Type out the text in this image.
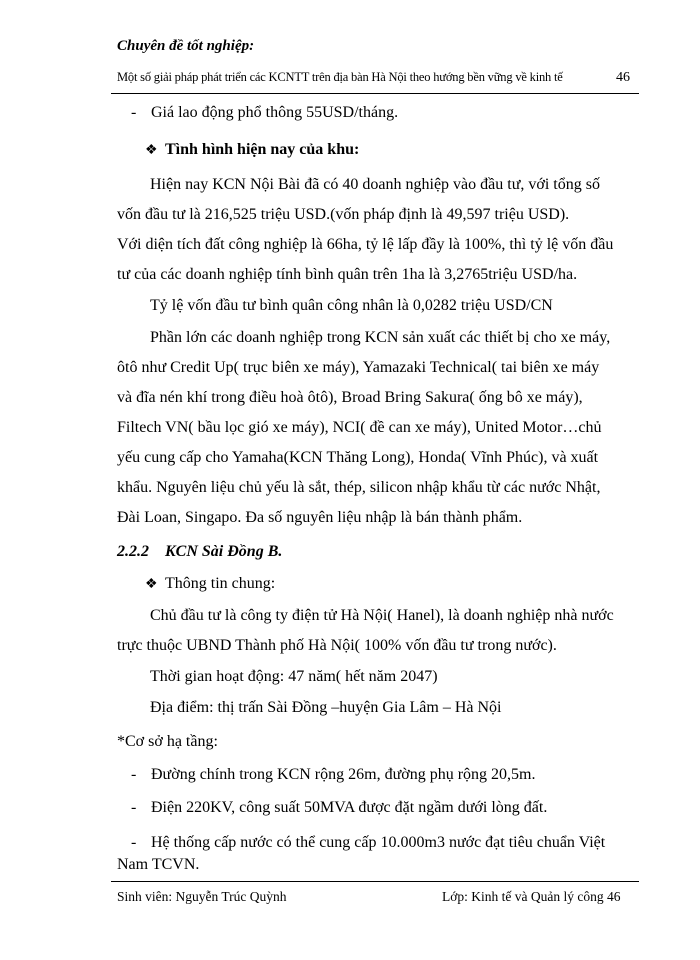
Chuyên đề tốt nghiệp:
Một số giải pháp phát triển các KCNTT trên địa bàn Hà Nội theo hướng bền vững về kinh tế	46
- Giá lao động phổ thông 55USD/tháng.
❖ Tình hình hiện nay của khu:
Hiện nay KCN Nội Bài đã có 40 doanh nghiệp vào đầu tư, với tổng số
vốn đầu tư là 216,525 triệu USD.(vốn pháp định là 49,597 triệu USD).
Với diện tích đất công nghiệp là 66ha, tỷ lệ lấp đầy là 100%, thì tỷ lệ vốn đầu
tư của các doanh nghiệp tính bình quân trên 1ha là 3,2765triệu USD/ha.
Tỷ lệ vốn đầu tư bình quân công nhân là 0,0282 triệu USD/CN
Phần lớn các doanh nghiệp trong KCN sản xuất các thiết bị cho xe máy,
ôtô như Credit Up( trục biên xe máy), Yamazaki Technical( tai biên xe máy
và đĩa nén khí trong điều hoà ôtô), Broad Bring Sakura( ống bô xe máy),
Filtech VN( bầu lọc gió xe máy), NCI( đề can xe máy), United Motor…chủ
yếu cung cấp cho Yamaha(KCN Thăng Long), Honda( Vĩnh Phúc), và xuất
khẩu. Nguyên liệu chủ yếu là sắt, thép, silicon nhập khẩu từ các nước Nhật,
Đài Loan, Singapo. Đa số nguyên liệu nhập là bán thành phẩm.
2.2.2 KCN Sài Đồng B.
❖ Thông tin chung:
Chủ đầu tư là công ty điện tử Hà Nội( Hanel), là doanh nghiệp nhà nước
trực thuộc UBND Thành phố Hà Nội( 100% vốn đầu tư trong nước).
Thời gian hoạt động: 47 năm( hết năm 2047)
Địa điểm: thị trấn Sài Đồng –huyện Gia Lâm – Hà Nội
*Cơ sở hạ tầng:
- Đường chính trong KCN rộng 26m, đường phụ rộng 20,5m.
- Điện 220KV, công suất 50MVA được đặt ngầm dưới lòng đất.
- Hệ thống cấp nước có thể cung cấp 10.000m3 nước đạt tiêu chuẩn Việt
Nam TCVN.
Sinh viên: Nguyễn Trúc Quỳnh	Lớp: Kinh tế và Quản lý công 46
